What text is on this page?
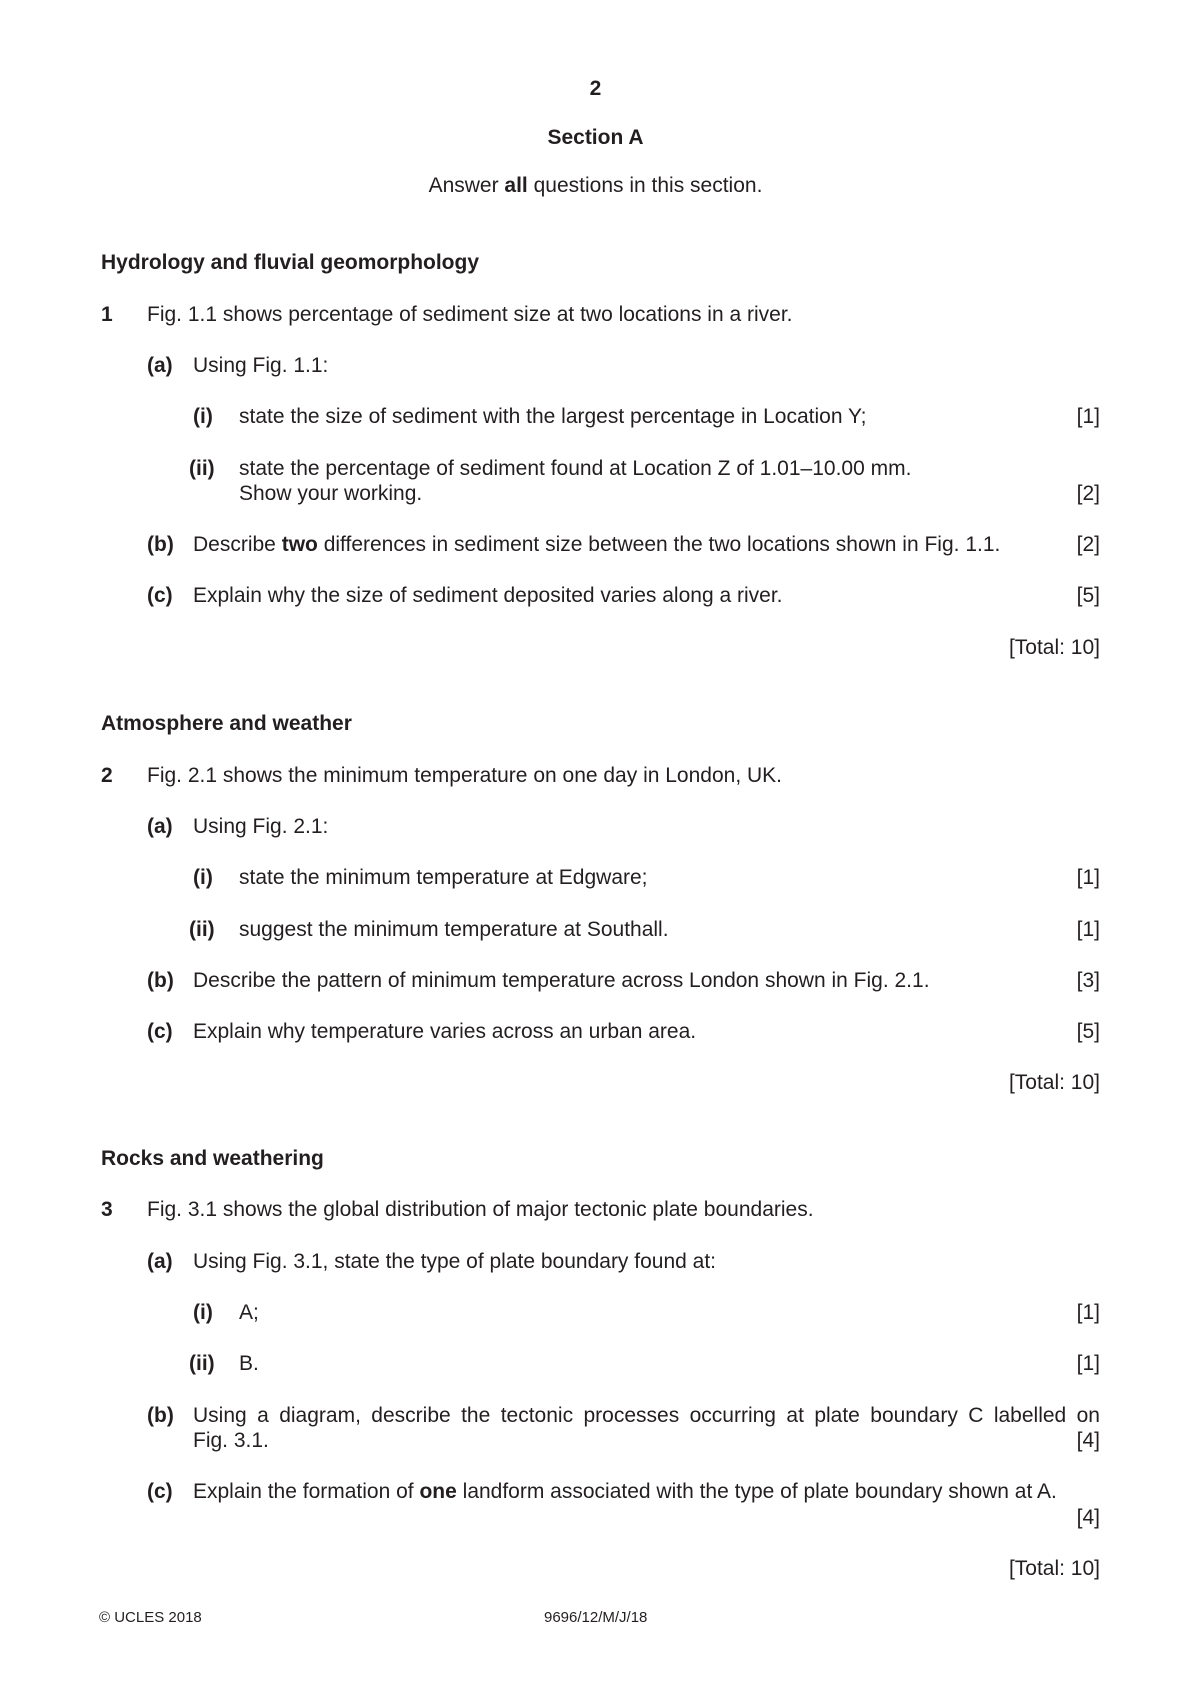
2
Section A
Answer all questions in this section.
Hydrology and fluvial geomorphology
1 Fig. 1.1 shows percentage of sediment size at two locations in a river.
(a) Using Fig. 1.1:
(i) state the size of sediment with the largest percentage in Location Y;	[1]
(ii) state the percentage of sediment found at Location Z of 1.01–10.00 mm.
Show your working.	[2]
(b) Describe two differences in sediment size between the two locations shown in Fig. 1.1.	[2]
(c) Explain why the size of sediment deposited varies along a river.	[5]
[Total: 10]
Atmosphere and weather
2 Fig. 2.1 shows the minimum temperature on one day in London, UK.
(a) Using Fig. 2.1:
(i) state the minimum temperature at Edgware;	[1]
(ii) suggest the minimum temperature at Southall.	[1]
(b) Describe the pattern of minimum temperature across London shown in Fig. 2.1.	[3]
(c) Explain why temperature varies across an urban area.	[5]
[Total: 10]
Rocks and weathering
3 Fig. 3.1 shows the global distribution of major tectonic plate boundaries.
(a) Using Fig. 3.1, state the type of plate boundary found at:
(i) A;	[1]
(ii) B.	[1]
(b) Using a diagram, describe the tectonic processes occurring at plate boundary C labelled on
Fig. 3.1.	[4]
(c) Explain the formation of one landform associated with the type of plate boundary shown at A.
[4]
[Total: 10]
© UCLES 2018	9696/12/M/J/18
